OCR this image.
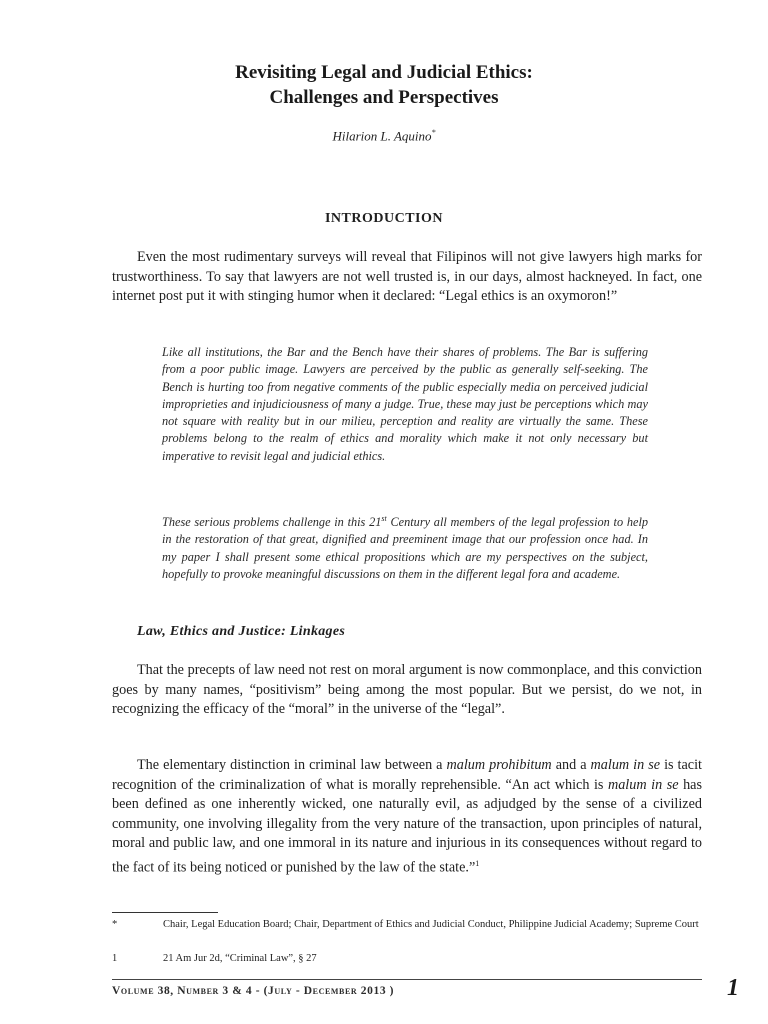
Revisiting Legal and Judicial Ethics:
Challenges and Perspectives
Hilarion L. Aquino*
INTRODUCTION

Even the most rudimentary surveys will reveal that Filipinos will not give lawyers high marks for trustworthiness. To say that lawyers are not well trusted is, in our days, almost hackneyed. In fact, one internet post put it with stinging humor when it declared: “Legal ethics is an oxymoron!”

Like all institutions, the Bar and the Bench have their shares of problems. The Bar is suffering from a poor public image. Lawyers are perceived by the public as generally self-seeking. The Bench is hurting too from negative comments of the public especially media on perceived judicial improprieties and injudiciousness of many a judge. True, these may just be perceptions which may not square with reality but in our milieu, perception and reality are virtually the same. These problems belong to the realm of ethics and morality which make it not only necessary but imperative to revisit legal and judicial ethics.

These serious problems challenge in this 21st Century all members of the legal profession to help in the restoration of that great, dignified and preeminent image that our profession once had. In my paper I shall present some ethical propositions which are my perspectives on the subject, hopefully to provoke meaningful discussions on them in the different legal fora and academe.

Law, Ethics and Justice: Linkages

That the precepts of law need not rest on moral argument is now commonplace, and this conviction goes by many names, “positivism” being among the most popular. But we persist, do we not, in recognizing the efficacy of the “moral” in the universe of the “legal”.

The elementary distinction in criminal law between a malum prohibitum and a malum in se is tacit recognition of the criminalization of what is morally reprehensible. “An act which is malum in se has been defined as one inherently wicked, one naturally evil, as adjudged by the sense of a civilized community, one involving illegality from the very nature of the transaction, upon principles of natural, moral and public law, and one immoral in its nature and injurious in its consequences without regard to the fact of its being noticed or punished by the law of the state.”$^1$

*	Chair, Legal Education Board; Chair, Department of Ethics and Judicial Conduct, Philippine Judicial Academy; Supreme Court
1	21 Am Jur 2d, “Criminal Law”, § 27
Volume 38, Number 3 & 4 - (July - December 2013 )	1
